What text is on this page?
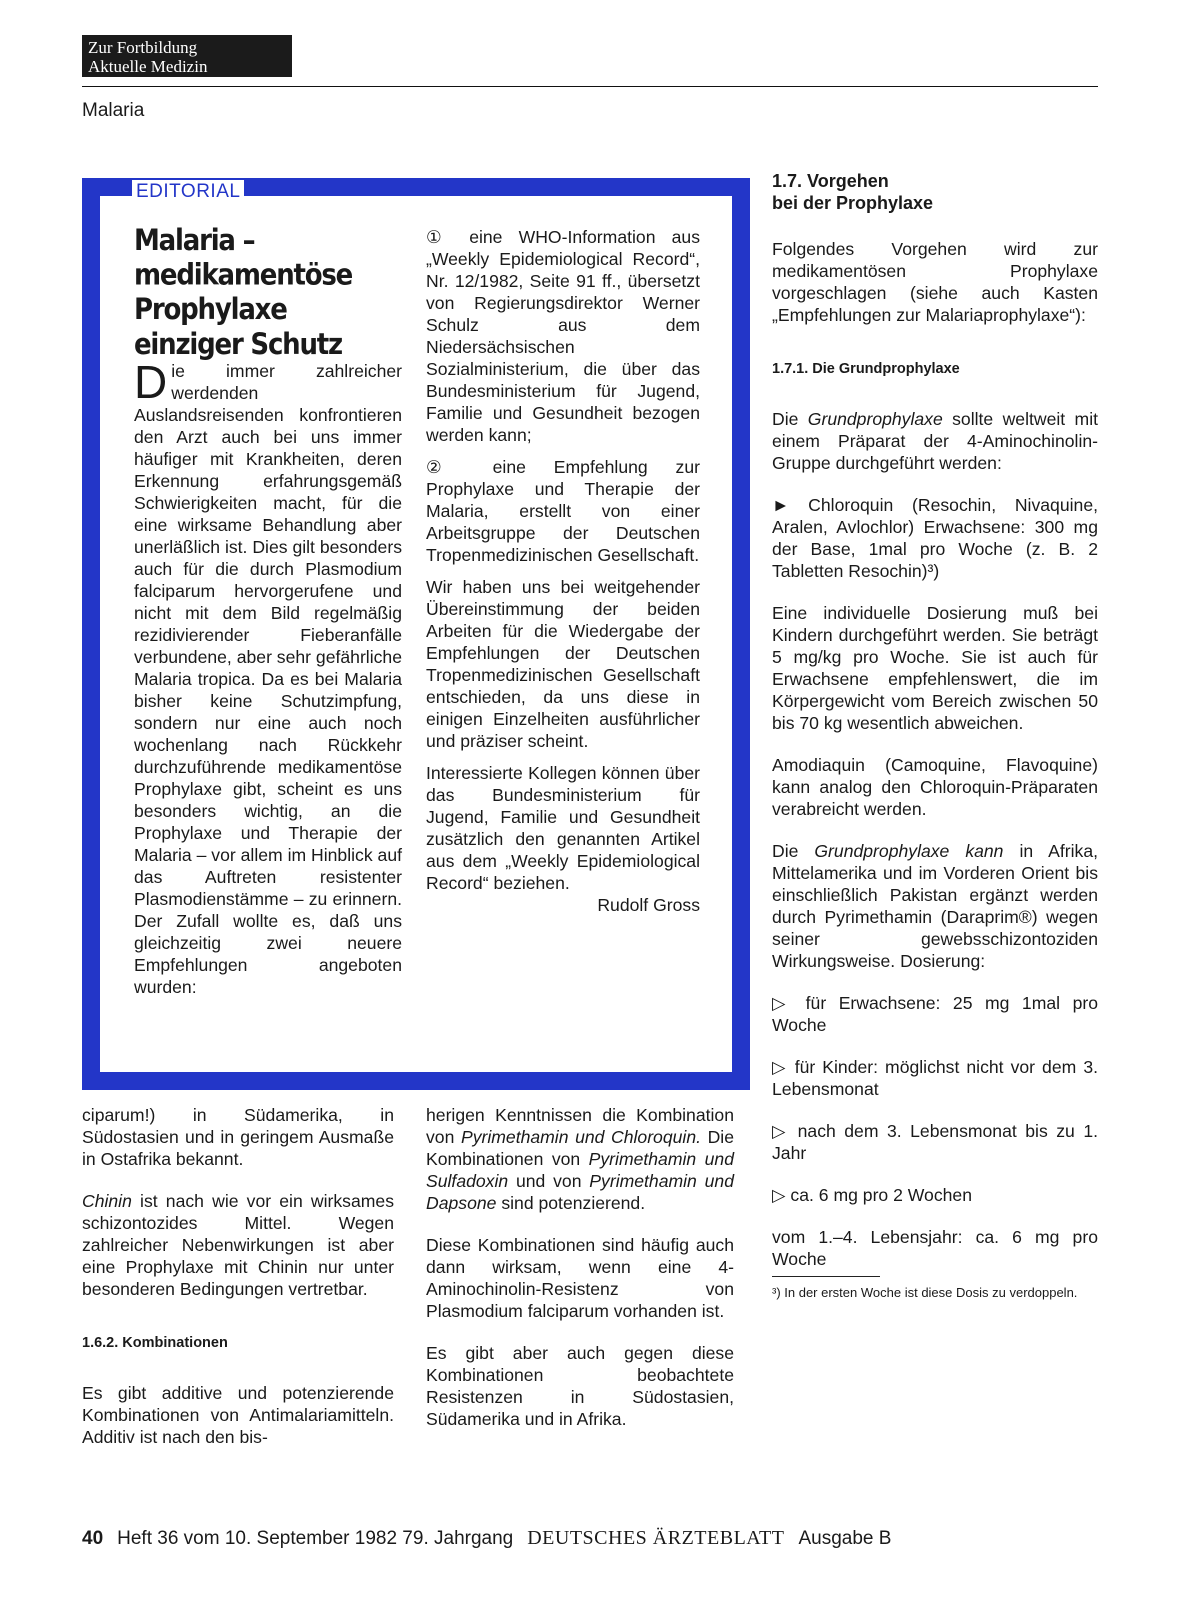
Zur Fortbildung
Aktuelle Medizin
Malaria
EDITORIAL
Malaria –
medikamentöse
Prophylaxe
einziger Schutz
Die immer zahlreicher werdenden Auslandsreisenden konfrontieren den Arzt auch bei uns immer häufiger mit Krankheiten, deren Erkennung erfahrungsgemäß Schwierigkeiten macht, für die eine wirksame Behandlung aber unerläßlich ist. Dies gilt besonders auch für die durch Plasmodium falciparum hervorgerufene und nicht mit dem Bild regelmäßig rezidivierender Fieberanfälle verbundene, aber sehr gefährliche Malaria tropica. Da es bei Malaria bisher keine Schutzimpfung, sondern nur eine auch noch wochenlang nach Rückkehr durchzuführende medikamentöse Prophylaxe gibt, scheint es uns besonders wichtig, an die Prophylaxe und Therapie der Malaria – vor allem im Hinblick auf das Auftreten resistenter Plasmodienstämme – zu erinnern. Der Zufall wollte es, daß uns gleichzeitig zwei neuere Empfehlungen angeboten wurden:

① eine WHO-Information aus „Weekly Epidemiological Record“, Nr. 12/1982, Seite 91 ff., übersetzt von Regierungsdirektor Werner Schulz aus dem Niedersächsischen Sozialministerium, die über das Bundesministerium für Jugend, Familie und Gesundheit bezogen werden kann;

② eine Empfehlung zur Prophylaxe und Therapie der Malaria, erstellt von einer Arbeitsgruppe der Deutschen Tropenmedizinischen Gesellschaft.

Wir haben uns bei weitgehender Übereinstimmung der beiden Arbeiten für die Wiedergabe der Empfehlungen der Deutschen Tropenmedizinischen Gesellschaft entschieden, da uns diese in einigen Einzelheiten ausführlicher und präziser scheint.

Interessierte Kollegen können über das Bundesministerium für Jugend, Familie und Gesundheit zusätzlich den genannten Artikel aus dem „Weekly Epidemiological Record“ beziehen.

Rudolf Gross

ciparum!) in Südamerika, in Südostasien und in geringem Ausmaße in Ostafrika bekannt.

Chinin ist nach wie vor ein wirksames schizontozides Mittel. Wegen zahlreicher Nebenwirkungen ist aber eine Prophylaxe mit Chinin nur unter besonderen Bedingungen vertretbar.

1.6.2. Kombinationen

Es gibt additive und potenzierende Kombinationen von Antimalariamitteln. Additiv ist nach den bis-

herigen Kenntnissen die Kombination von Pyrimethamin und Chloroquin. Die Kombinationen von Pyrimethamin und Sulfadoxin und von Pyrimethamin und Dapsone sind potenzierend.

Diese Kombinationen sind häufig auch dann wirksam, wenn eine 4-Aminochinolin-Resistenz von Plasmodium falciparum vorhanden ist.

Es gibt aber auch gegen diese Kombinationen beobachtete Resistenzen in Südostasien, Südamerika und in Afrika.

1.7. Vorgehen
bei der Prophylaxe

Folgendes Vorgehen wird zur medikamentösen Prophylaxe vorgeschlagen (siehe auch Kasten „Empfehlungen zur Malariaprophylaxe“):

1.7.1. Die Grundprophylaxe

Die Grundprophylaxe sollte weltweit mit einem Präparat der 4-Aminochinolin-Gruppe durchgeführt werden:

► Chloroquin (Resochin, Nivaquine, Aralen, Avlochlor) Erwachsene: 300 mg der Base, 1mal pro Woche (z. B. 2 Tabletten Resochin)³)

Eine individuelle Dosierung muß bei Kindern durchgeführt werden. Sie beträgt 5 mg/kg pro Woche. Sie ist auch für Erwachsene empfehlenswert, die im Körpergewicht vom Bereich zwischen 50 bis 70 kg wesentlich abweichen.

Amodiaquin (Camoquine, Flavoquine) kann analog den Chloroquin-Präparaten verabreicht werden.

Die Grundprophylaxe kann in Afrika, Mittelamerika und im Vorderen Orient bis einschließlich Pakistan ergänzt werden durch Pyrimethamin (Daraprim®) wegen seiner gewebsschizontoziden Wirkungsweise. Dosierung:

▷ für Erwachsene: 25 mg 1mal pro Woche

▷ für Kinder: möglichst nicht vor dem 3. Lebensmonat

▷ nach dem 3. Lebensmonat bis zu 1. Jahr

▷ ca. 6 mg pro 2 Wochen

vom 1.–4. Lebensjahr: ca. 6 mg pro Woche

³) In der ersten Woche ist diese Dosis zu verdoppeln.
40 Heft 36 vom 10. September 1982 79. Jahrgang DEUTSCHES ÄRZTEBLATT Ausgabe B
